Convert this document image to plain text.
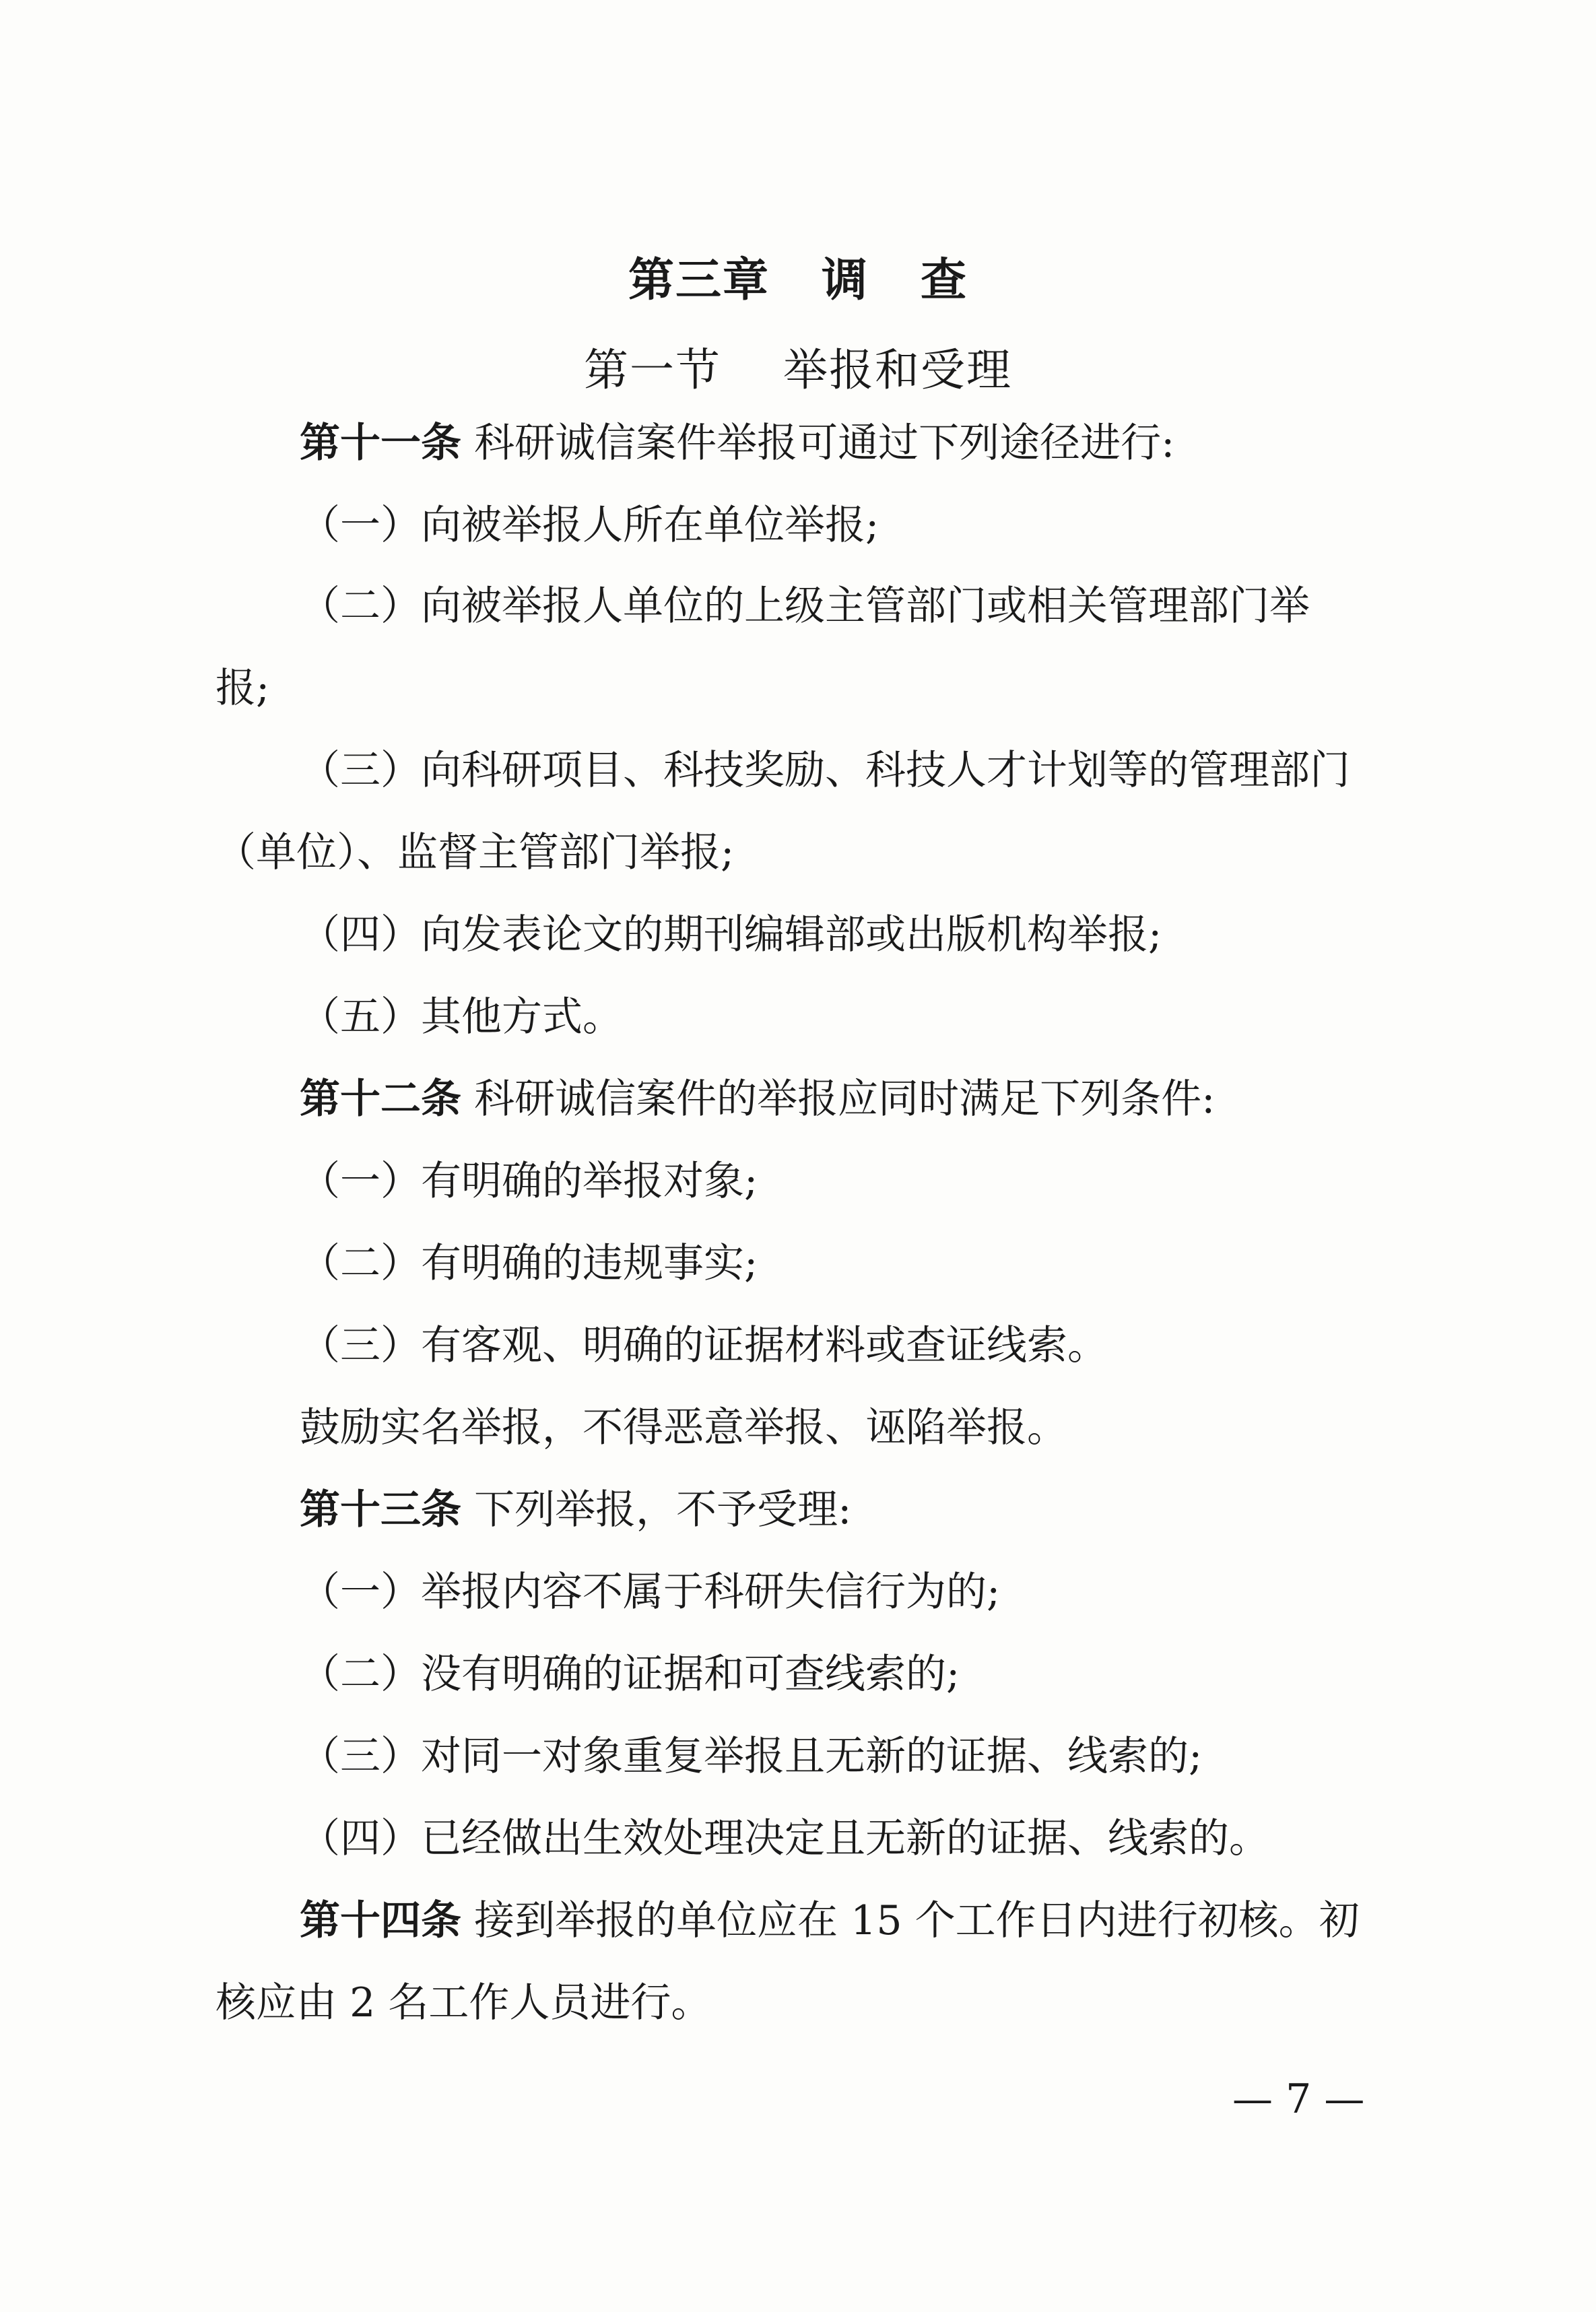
第三章   调   查
第一节    举报和受理
第十一条 科研诚信案件举报可通过下列途径进行:
（一）向被举报人所在单位举报;
（二）向被举报人单位的上级主管部门或相关管理部门举
报;
（三）向科研项目、科技奖励、科技人才计划等的管理部门
（单位）、监督主管部门举报;
（四）向发表论文的期刊编辑部或出版机构举报;
（五）其他方式。
第十二条 科研诚信案件的举报应同时满足下列条件:
（一）有明确的举报对象;
（二）有明确的违规事实;
（三）有客观、明确的证据材料或查证线索。
鼓励实名举报，不得恶意举报、诬陷举报。
第十三条 下列举报，不予受理:
（一）举报内容不属于科研失信行为的;
（二）没有明确的证据和可查线索的;
（三）对同一对象重复举报且无新的证据、线索的;
（四）已经做出生效处理决定且无新的证据、线索的。
第十四条 接到举报的单位应在 15 个工作日内进行初核。初
核应由 2 名工作人员进行。
— 7 —
